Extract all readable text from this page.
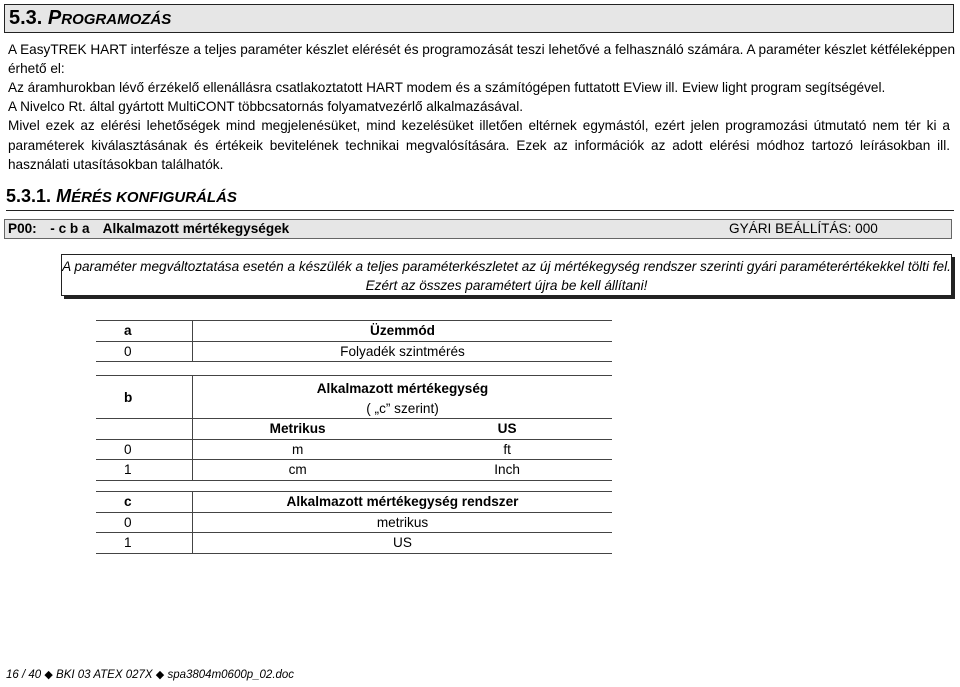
5.3. PROGRAMOZÁS
A EasyTREK HART interfésze a teljes paraméter készlet elérését és programozását teszi lehetővé a felhasználó számára. A paraméter készlet kétféleképpen
érhető el:
Az áramhurokban lévő érzékelő ellenállásra csatlakoztatott HART modem és a számítógépen futtatott EView ill. Eview light program segítségével.
A Nivelco Rt. által gyártott MultiCONT többcsatornás folyamatvezérlő alkalmazásával.
Mivel ezek az elérési lehetőségek mind megjelenésüket, mind kezelésüket illetően eltérnek egymástól, ezért jelen programozási útmutató nem tér ki a paraméterek kiválasztásának és értékeik bevitelének technikai megvalósítására. Ezek az információk az adott elérési módhoz tartozó leírásokban ill. használati utasításokban találhatók.
5.3.1. MÉRÉS KONFIGURÁLÁS
P00: - c b a Alkalmazott mértékegységek	GYÁRI BEÁLLÍTÁS: 000
A paraméter megváltoztatása esetén a készülék a teljes paraméterkészletet az új mértékegység rendszer szerinti gyári paraméterértékekkel tölti fel.
Ezért az összes paramétert újra be kell állítani!
a	Üzemmód
0	Folyadék szintmérés
b	Alkalmazott mértékegység	
	( „c” szerint)	
	Metrikus	US
0	m	ft
1	cm	Inch
c	Alkalmazott mértékegység rendszer
0	metrikus
1	US
16 / 40 ◆ BKI 03 ATEX 027X ◆ spa3804m0600p_02.doc
